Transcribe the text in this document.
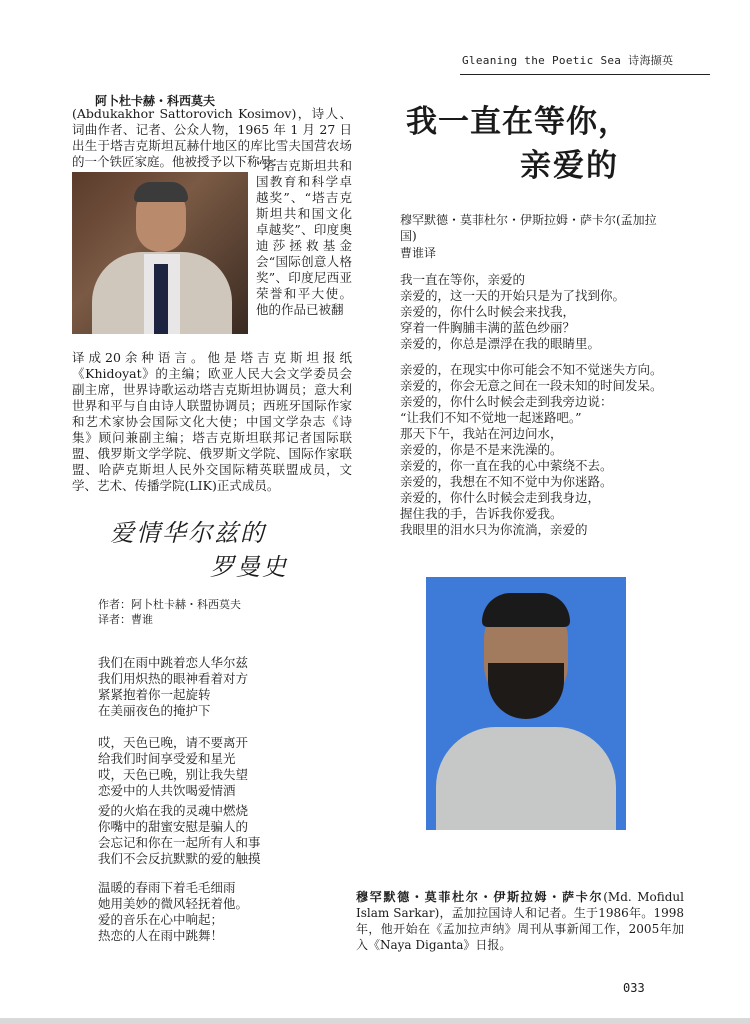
Gleaning the Poetic Sea 诗海撷英
阿卜杜卡赫・科西莫夫
(Abdukakhor Sattorovich Kosimov)，诗人、词曲作者、记者、公众人物，1965 年 1 月 27 日出生于塔吉克斯坦瓦赫什地区的库比雪夫国营农场的一个铁匠家庭。他被授予以下称号：
“塔吉克斯坦共和国教育和科学卓越奖”、“塔吉克斯坦共和国文化卓越奖”、印度奥迪莎拯救基金会“国际创意人格奖”、印度尼西亚荣誉和平大使。他的作品已被翻
译成20余种语言。他是塔吉克斯坦报纸《Khidoyat》的主编；欧亚人民大会文学委员会副主席，世界诗歌运动塔吉克斯坦协调员；意大利世界和平与自由诗人联盟协调员；西班牙国际作家和艺术家协会国际文化大使；中国文学杂志《诗集》顾问兼副主编；塔吉克斯坦联邦记者国际联盟、俄罗斯文学学院、俄罗斯文学院、国际作家联盟、哈萨克斯坦人民外交国际精英联盟成员，文学、艺术、传播学院(LIK)正式成员。
我一直在等你，
亲爱的
穆罕默德・莫菲杜尔・伊斯拉姆・萨卡尔(孟加拉国)
曹谁译
我一直在等你，亲爱的
亲爱的，这一天的开始只是为了找到你。
亲爱的，你什么时候会来找我，
穿着一件胸脯丰满的蓝色纱丽？
亲爱的，你总是漂浮在我的眼睛里。
亲爱的，在现实中你可能会不知不觉迷失方向。
亲爱的，你会无意之间在一段未知的时间发呆。
亲爱的，你什么时候会走到我旁边说：
“让我们不知不觉地一起迷路吧。”
那天下午，我站在河边问水，
亲爱的，你是不是来洗澡的。
亲爱的，你一直在我的心中萦绕不去。
亲爱的，我想在不知不觉中为你迷路。
亲爱的，你什么时候会走到我身边，
握住我的手，告诉我你爱我。
我眼里的泪水只为你流淌，亲爱的
爱情华尔兹的
罗曼史
作者：阿卜杜卡赫・科西莫夫
译者：曹谁
我们在雨中跳着恋人华尔兹
我们用炽热的眼神看着对方
紧紧抱着你一起旋转
在美丽夜色的掩护下
哎，天色已晚，请不要离开
给我们时间享受爱和星光
哎，天色已晚，别让我失望
恋爱中的人共饮喝爱情酒
爱的火焰在我的灵魂中燃烧
你嘴中的甜蜜安慰是骗人的
会忘记和你在一起所有人和事
我们不会反抗默默的爱的触摸
温暖的春雨下着毛毛细雨
她用美妙的微风轻抚着他。
爱的音乐在心中响起；
热恋的人在雨中跳舞！
穆罕默德・莫菲杜尔・伊斯拉姆・萨卡尔(Md. Mofidul Islam Sarkar)，孟加拉国诗人和记者。生于1986年。1998年，他开始在《孟加拉声纳》周刊从事新闻工作，2005年加入《Naya Diganta》日报。
033
